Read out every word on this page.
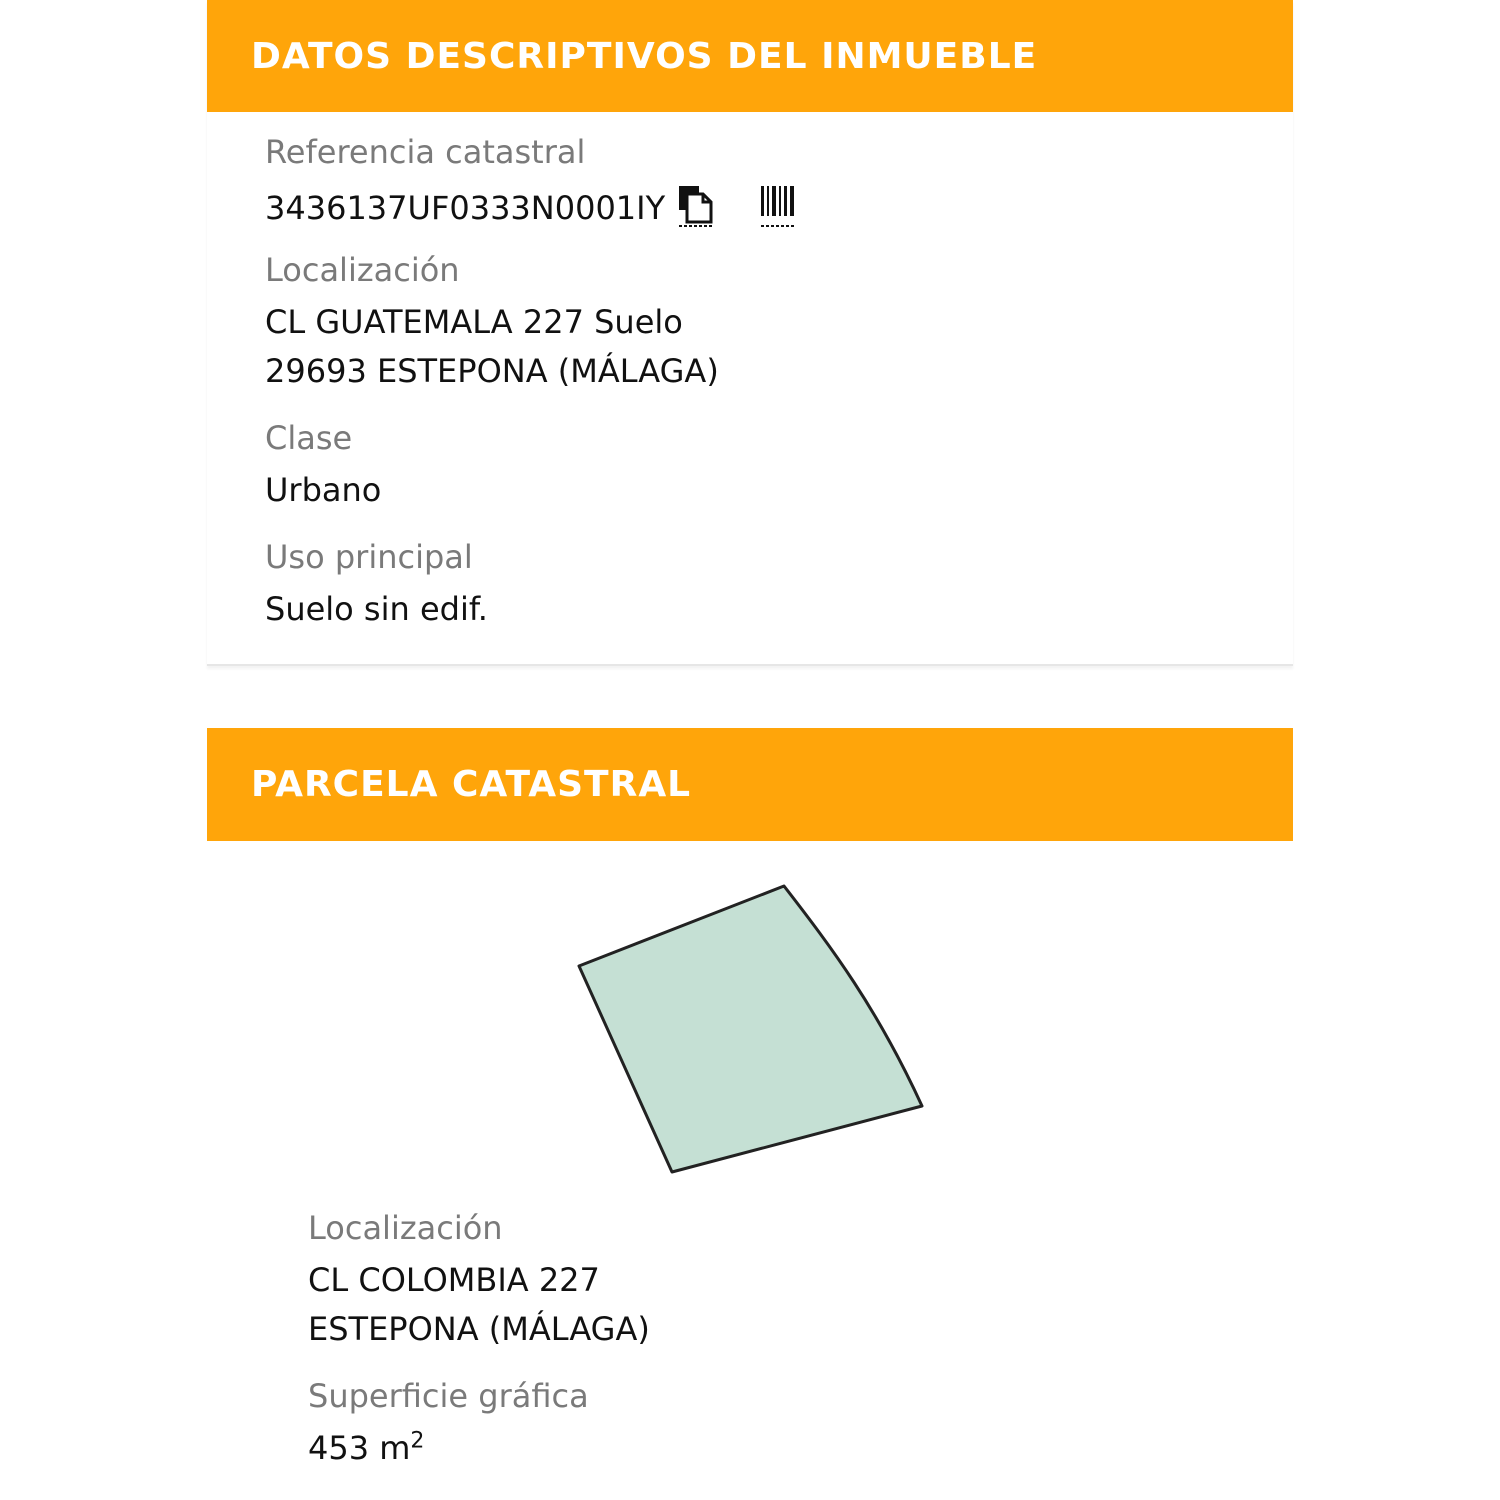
DATOS DESCRIPTIVOS DEL INMUEBLE
Referencia catastral
3436137UF0333N0001IY
Localización
CL GUATEMALA 227 Suelo
29693 ESTEPONA (MÁLAGA)
Clase
Urbano
Uso principal
Suelo sin edif.
PARCELA CATASTRAL
Localización
CL COLOMBIA 227
ESTEPONA (MÁLAGA)
Superficie gráfica
453 $m^2$
